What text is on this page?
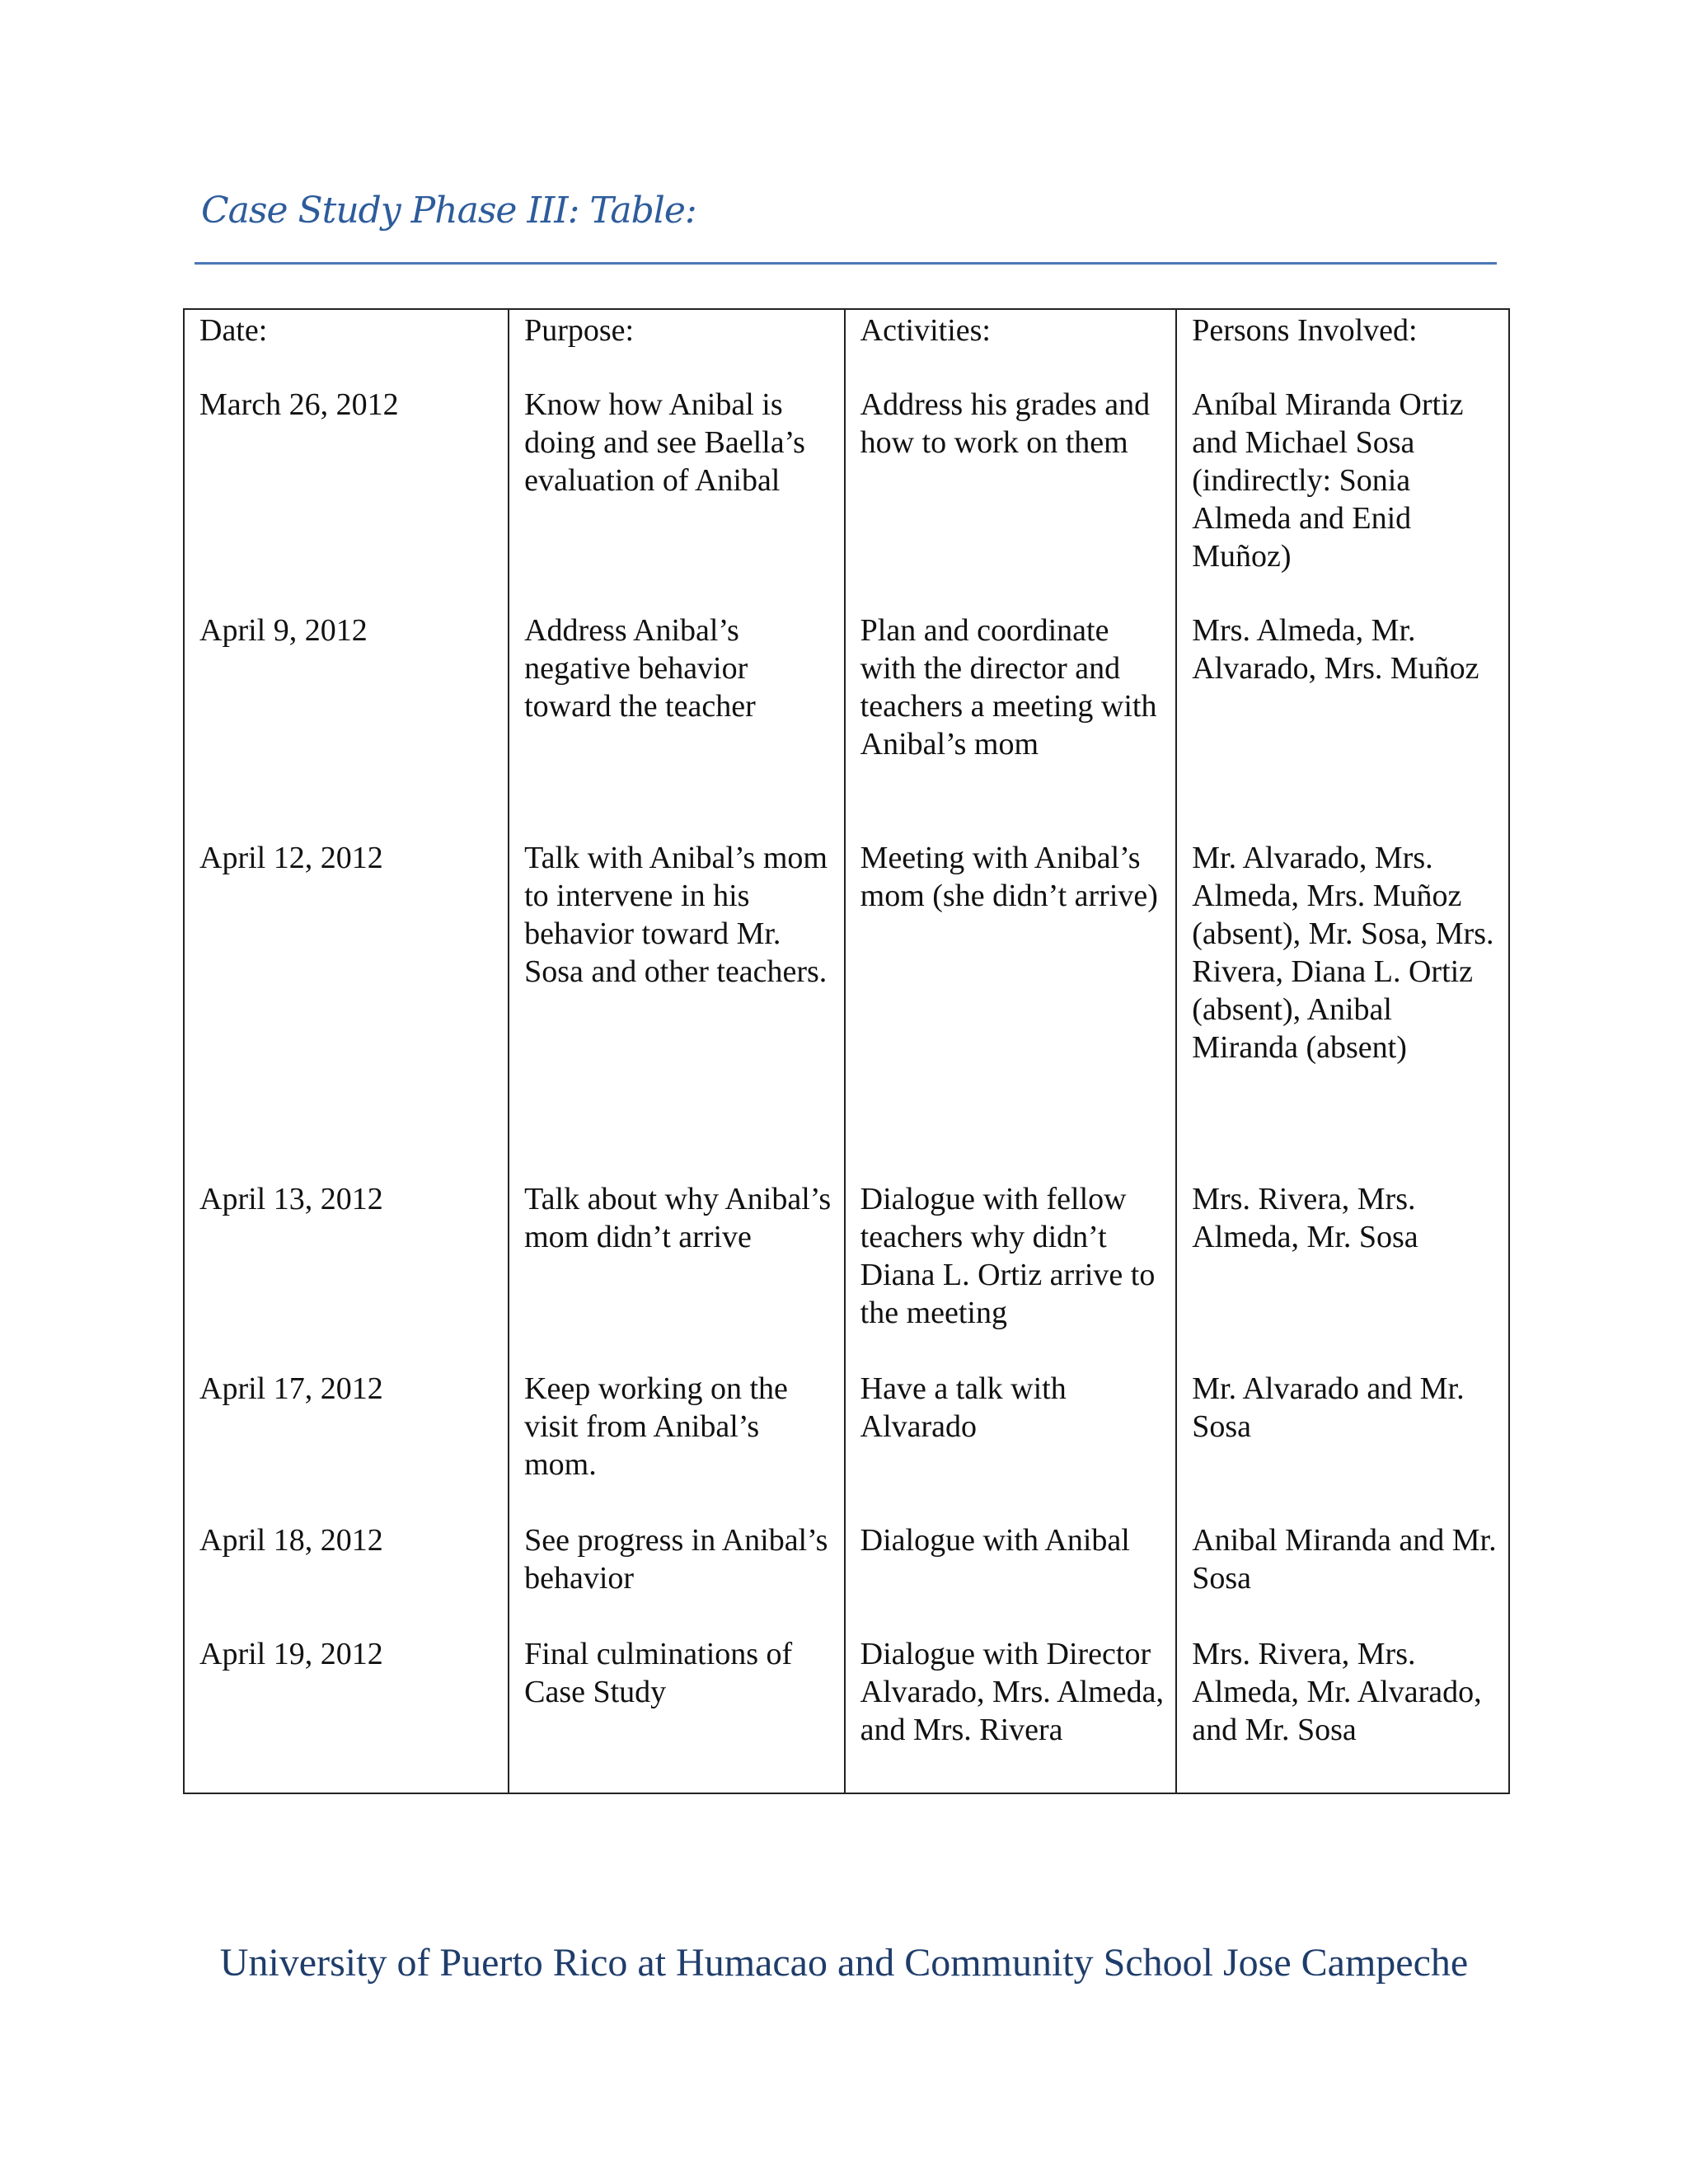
Case Study Phase III: Table:
Date:	Purpose:	Activities:	Persons Involved:
March 26, 2012	Know how Anibal is doing and see Baella’s evaluation of Anibal	Address his grades and how to work on them	Aníbal Miranda Ortiz and Michael Sosa (indirectly: Sonia Almeda and Enid Muñoz)
April 9, 2012	Address Anibal’s negative behavior toward the teacher	Plan and coordinate with the director and teachers a meeting with Anibal’s mom	Mrs. Almeda, Mr. Alvarado, Mrs. Muñoz
April 12, 2012	Talk with Anibal’s mom to intervene in his behavior toward Mr. Sosa and other teachers.	Meeting with Anibal’s mom (she didn’t arrive)	Mr. Alvarado, Mrs. Almeda, Mrs. Muñoz (absent), Mr. Sosa, Mrs. Rivera, Diana L. Ortiz (absent), Anibal Miranda (absent)
April 13, 2012	Talk about why Anibal’s mom didn’t arrive	Dialogue with fellow teachers why didn’t Diana L. Ortiz arrive to the meeting	Mrs. Rivera, Mrs. Almeda, Mr. Sosa
April 17, 2012	Keep working on the visit from Anibal’s mom.	Have a talk with Alvarado	Mr. Alvarado and Mr. Sosa
April 18, 2012	See progress in Anibal’s behavior	Dialogue with Anibal	Anibal Miranda and Mr. Sosa
April 19, 2012	Final culminations of Case Study	Dialogue with Director Alvarado, Mrs. Almeda, and Mrs. Rivera	Mrs. Rivera, Mrs. Almeda, Mr. Alvarado, and Mr. Sosa
University of Puerto Rico at Humacao and Community School Jose Campeche
